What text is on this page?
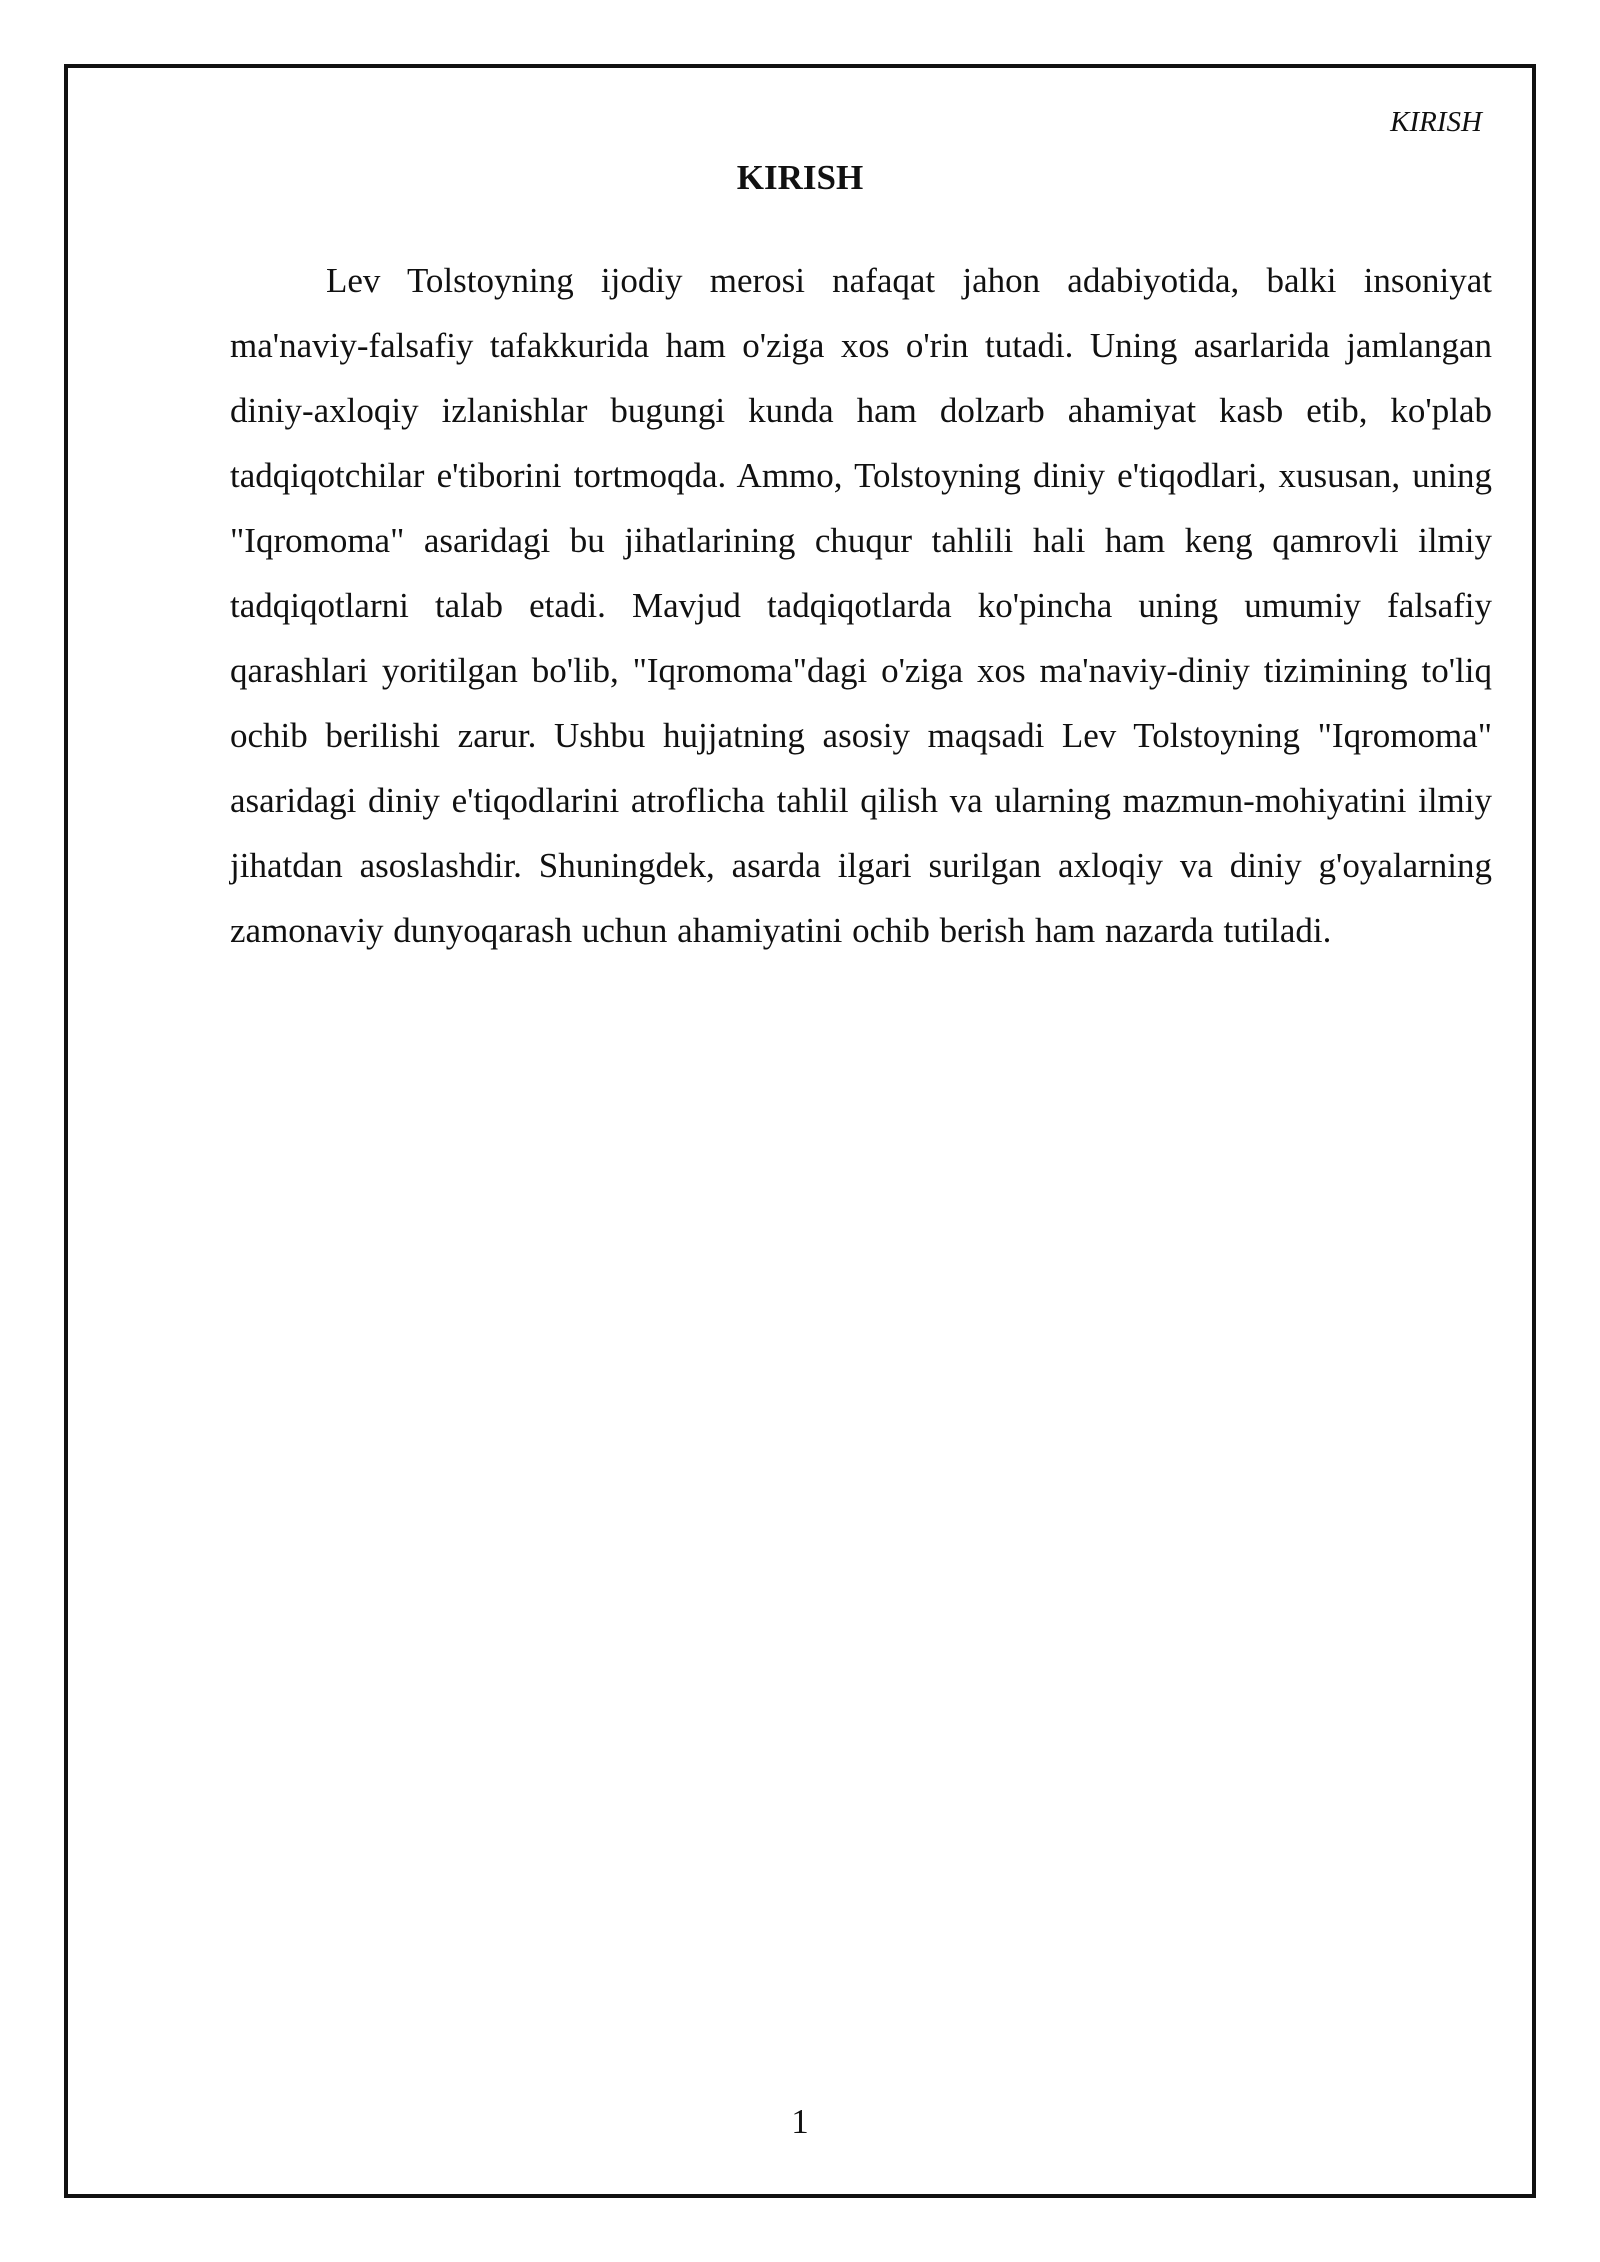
KIRISH
KIRISH

Lev Tolstoyning ijodiy merosi nafaqat jahon adabiyotida, balki insoniyat ma'naviy-falsafiy tafakkurida ham o'ziga xos o'rin tutadi. Uning asarlarida jamlangan diniy-axloqiy izlanishlar bugungi kunda ham dolzarb ahamiyat kasb etib, ko'plab tadqiqotchilar e'tiborini tortmoqda. Ammo, Tolstoyning diniy e'tiqodlari, xususan, uning "Iqromoma" asaridagi bu jihatlarining chuqur tahlili hali ham keng qamrovli ilmiy tadqiqotlarni talab etadi. Mavjud tadqiqotlarda ko'pincha uning umumiy falsafiy qarashlari yoritilgan bo'lib, "Iqromoma"dagi o'ziga xos ma'naviy-diniy tizimining to'liq ochib berilishi zarur. Ushbu hujjatning asosiy maqsadi Lev Tolstoyning "Iqromoma" asaridagi diniy e'tiqodlarini atroflicha tahlil qilish va ularning mazmun-mohiyatini ilmiy jihatdan asoslashdir. Shuningdek, asarda ilgari surilgan axloqiy va diniy g'oyalarning zamonaviy dunyoqarash uchun ahamiyatini ochib berish ham nazarda tutiladi.

1
